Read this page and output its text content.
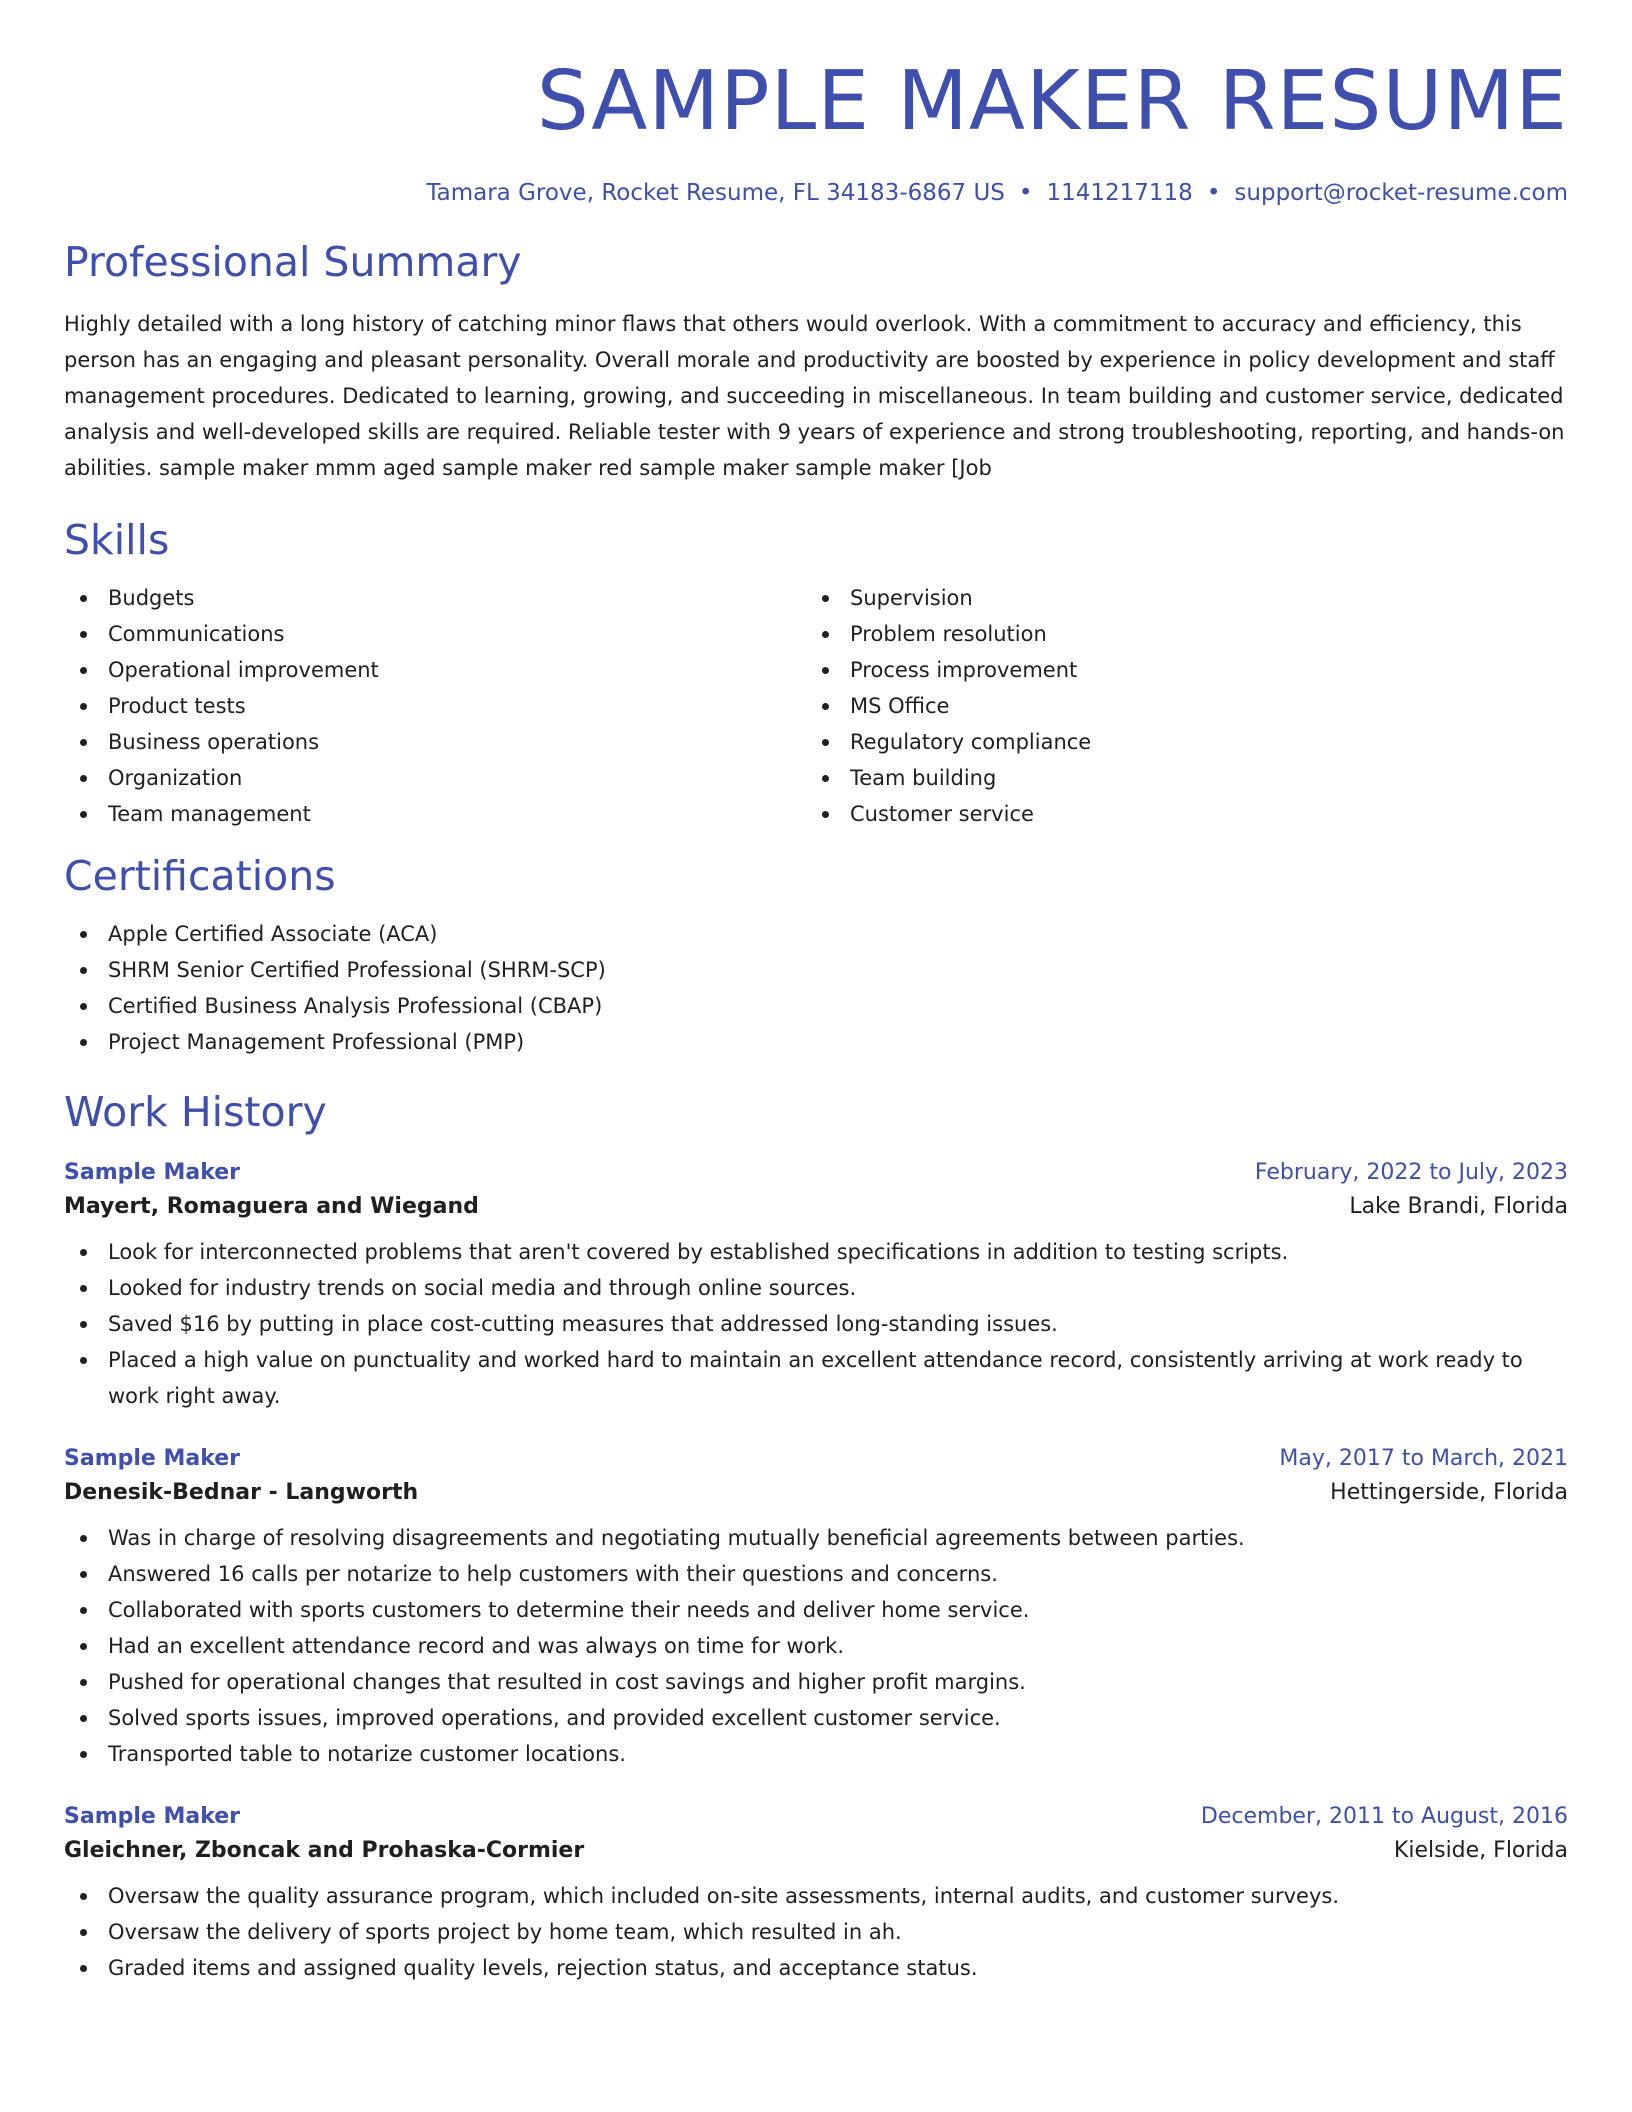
SAMPLE MAKER RESUME
Tamara Grove, Rocket Resume, FL 34183-6867 US • 1141217118 • support@rocket-resume.com
Professional Summary

Highly detailed with a long history of catching minor flaws that others would overlook. With a commitment to accuracy and efficiency, this person has an engaging and pleasant personality. Overall morale and productivity are boosted by experience in policy development and staff management procedures. Dedicated to learning, growing, and succeeding in miscellaneous. In team building and customer service, dedicated analysis and well-developed skills are required. Reliable tester with 9 years of experience and strong troubleshooting, reporting, and hands-on abilities. sample maker mmm aged sample maker red sample maker sample maker [Job

Skills
Budgets
Communications
Operational improvement
Product tests
Business operations
Organization
Team management
Supervision
Problem resolution
Process improvement
MS Office
Regulatory compliance
Team building
Customer service
Certifications
Apple Certified Associate (ACA)
SHRM Senior Certified Professional (SHRM-SCP)
Certified Business Analysis Professional (CBAP)
Project Management Professional (PMP)
Work History
Sample Maker	February, 2022 to July, 2023
Mayert, Romaguera and Wiegand	Lake Brandi, Florida
Look for interconnected problems that aren't covered by established specifications in addition to testing scripts.
Looked for industry trends on social media and through online sources.
Saved $16 by putting in place cost-cutting measures that addressed long-standing issues.
Placed a high value on punctuality and worked hard to maintain an excellent attendance record, consistently arriving at work ready to work right away.
Sample Maker	May, 2017 to March, 2021
Denesik-Bednar - Langworth	Hettingerside, Florida
Was in charge of resolving disagreements and negotiating mutually beneficial agreements between parties.
Answered 16 calls per notarize to help customers with their questions and concerns.
Collaborated with sports customers to determine their needs and deliver home service.
Had an excellent attendance record and was always on time for work.
Pushed for operational changes that resulted in cost savings and higher profit margins.
Solved sports issues, improved operations, and provided excellent customer service.
Transported table to notarize customer locations.
Sample Maker	December, 2011 to August, 2016
Gleichner, Zboncak and Prohaska-Cormier	Kielside, Florida
Oversaw the quality assurance program, which included on-site assessments, internal audits, and customer surveys.
Oversaw the delivery of sports project by home team, which resulted in ah.
Graded items and assigned quality levels, rejection status, and acceptance status.
